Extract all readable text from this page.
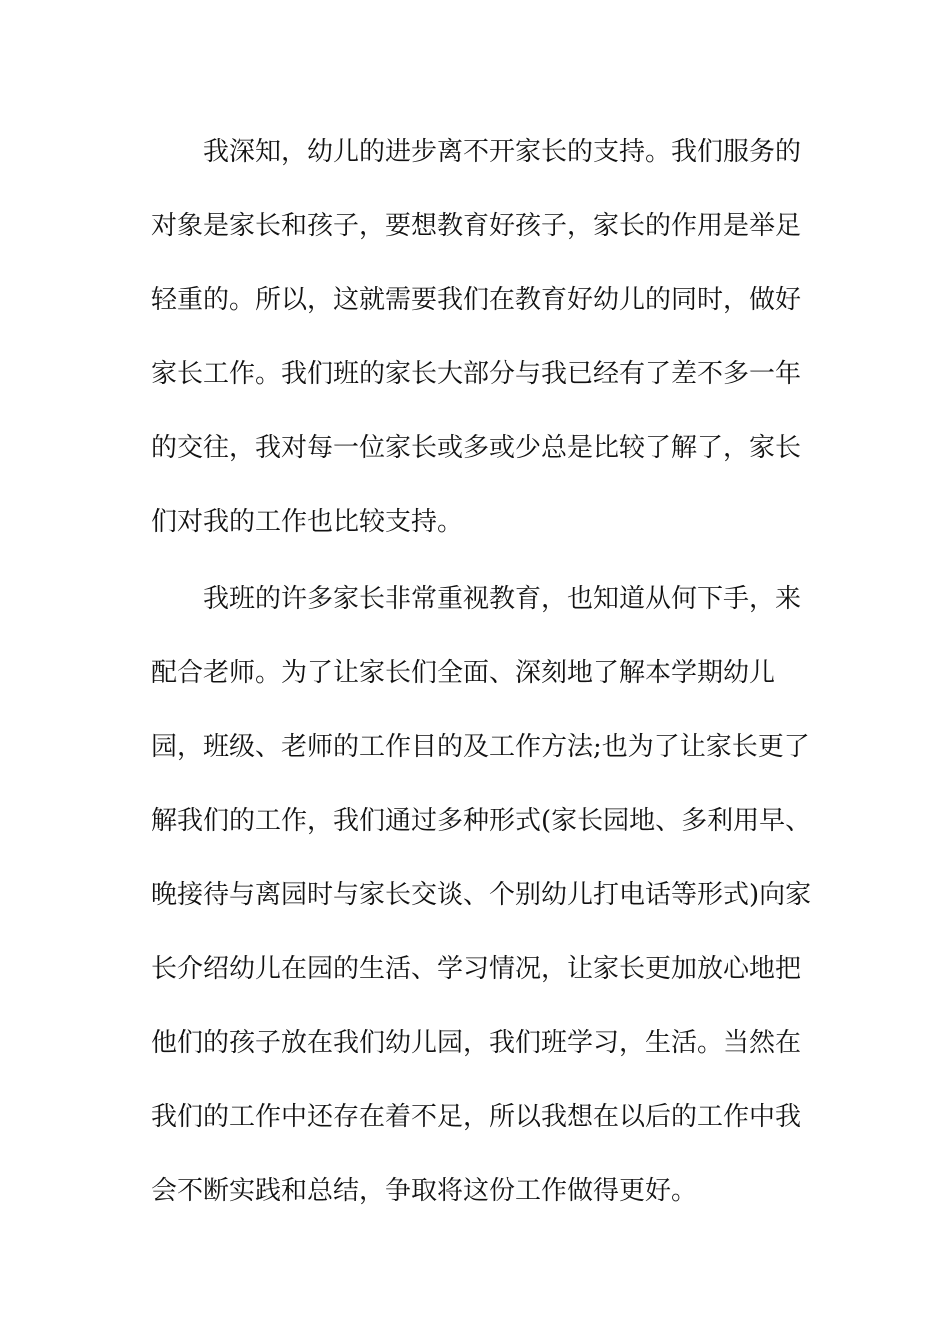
我深知，幼儿的进步离不开家长的支持。我们服务的
对象是家长和孩子，要想教育好孩子，家长的作用是举足
轻重的。所以，这就需要我们在教育好幼儿的同时，做好
家长工作。我们班的家长大部分与我已经有了差不多一年
的交往，我对每一位家长或多或少总是比较了解了，家长
们对我的工作也比较支持。
我班的许多家长非常重视教育，也知道从何下手，来
配合老师。为了让家长们全面、深刻地了解本学期幼儿
园，班级、老师的工作目的及工作方法;也为了让家长更了
解我们的工作，我们通过多种形式(家长园地、多利用早、
晚接待与离园时与家长交谈、个别幼儿打电话等形式)向家
长介绍幼儿在园的生活、学习情况，让家长更加放心地把
他们的孩子放在我们幼儿园，我们班学习，生活。当然在
我们的工作中还存在着不足，所以我想在以后的工作中我
会不断实践和总结，争取将这份工作做得更好。
